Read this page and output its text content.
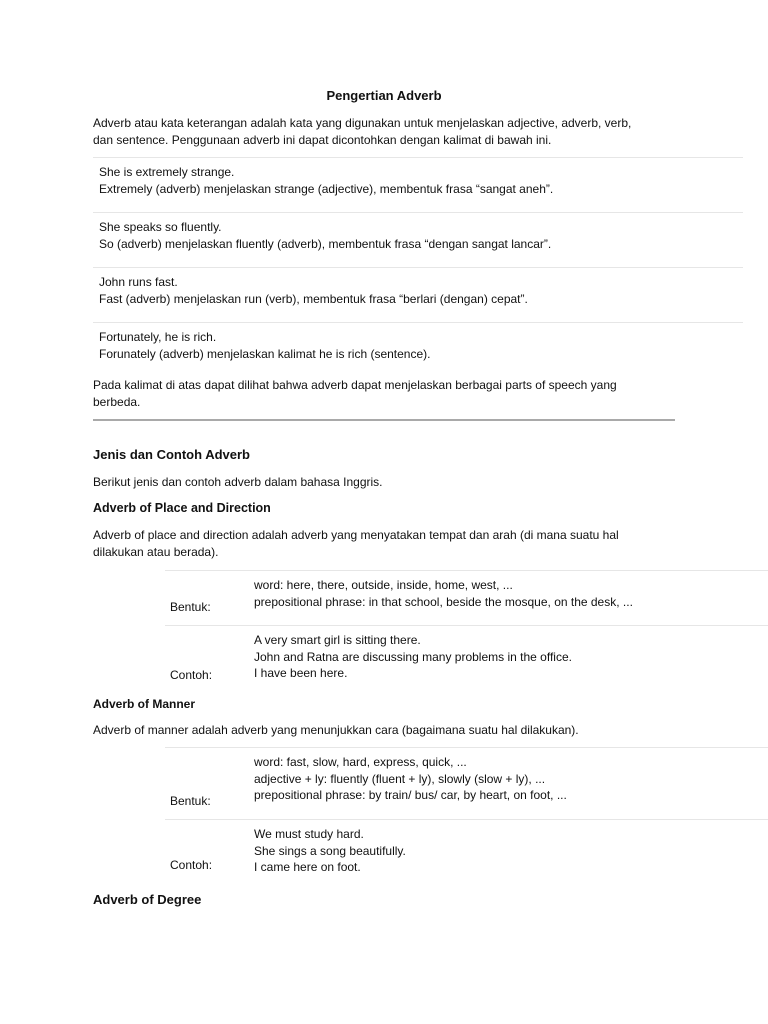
Pengertian Adverb
Adverb atau kata keterangan adalah kata yang digunakan untuk menjelaskan adjective, adverb, verb,
dan sentence. Penggunaan adverb ini dapat dicontohkan dengan kalimat di bawah ini.
She is extremely strange.
Extremely (adverb) menjelaskan strange (adjective), membentuk frasa “sangat aneh”.
She speaks so fluently.
So (adverb) menjelaskan fluently (adverb), membentuk frasa “dengan sangat lancar”.
John runs fast.
Fast (adverb) menjelaskan run (verb), membentuk frasa “berlari (dengan) cepat”.
Fortunately, he is rich.
Forunately (adverb) menjelaskan kalimat he is rich (sentence).
Pada kalimat di atas dapat dilihat bahwa adverb dapat menjelaskan berbagai parts of speech yang
berbeda.
Jenis dan Contoh Adverb
Berikut jenis dan contoh adverb dalam bahasa Inggris.
Adverb of Place and Direction
Adverb of place and direction adalah adverb yang menyatakan tempat dan arah (di mana suatu hal
dilakukan atau berada).
Bentuk:
word: here, there, outside, inside, home, west, ...
prepositional phrase: in that school, beside the mosque, on the desk, ...
Contoh:
A very smart girl is sitting there.
John and Ratna are discussing many problems in the office.
I have been here.
Adverb of Manner
Adverb of manner adalah adverb yang menunjukkan cara (bagaimana suatu hal dilakukan).
Bentuk:
word: fast, slow, hard, express, quick, ...
adjective + ly: fluently (fluent + ly), slowly (slow + ly), ...
prepositional phrase: by train/ bus/ car, by heart, on foot, ...
Contoh:
We must study hard.
She sings a song beautifully.
I came here on foot.
Adverb of Degree
